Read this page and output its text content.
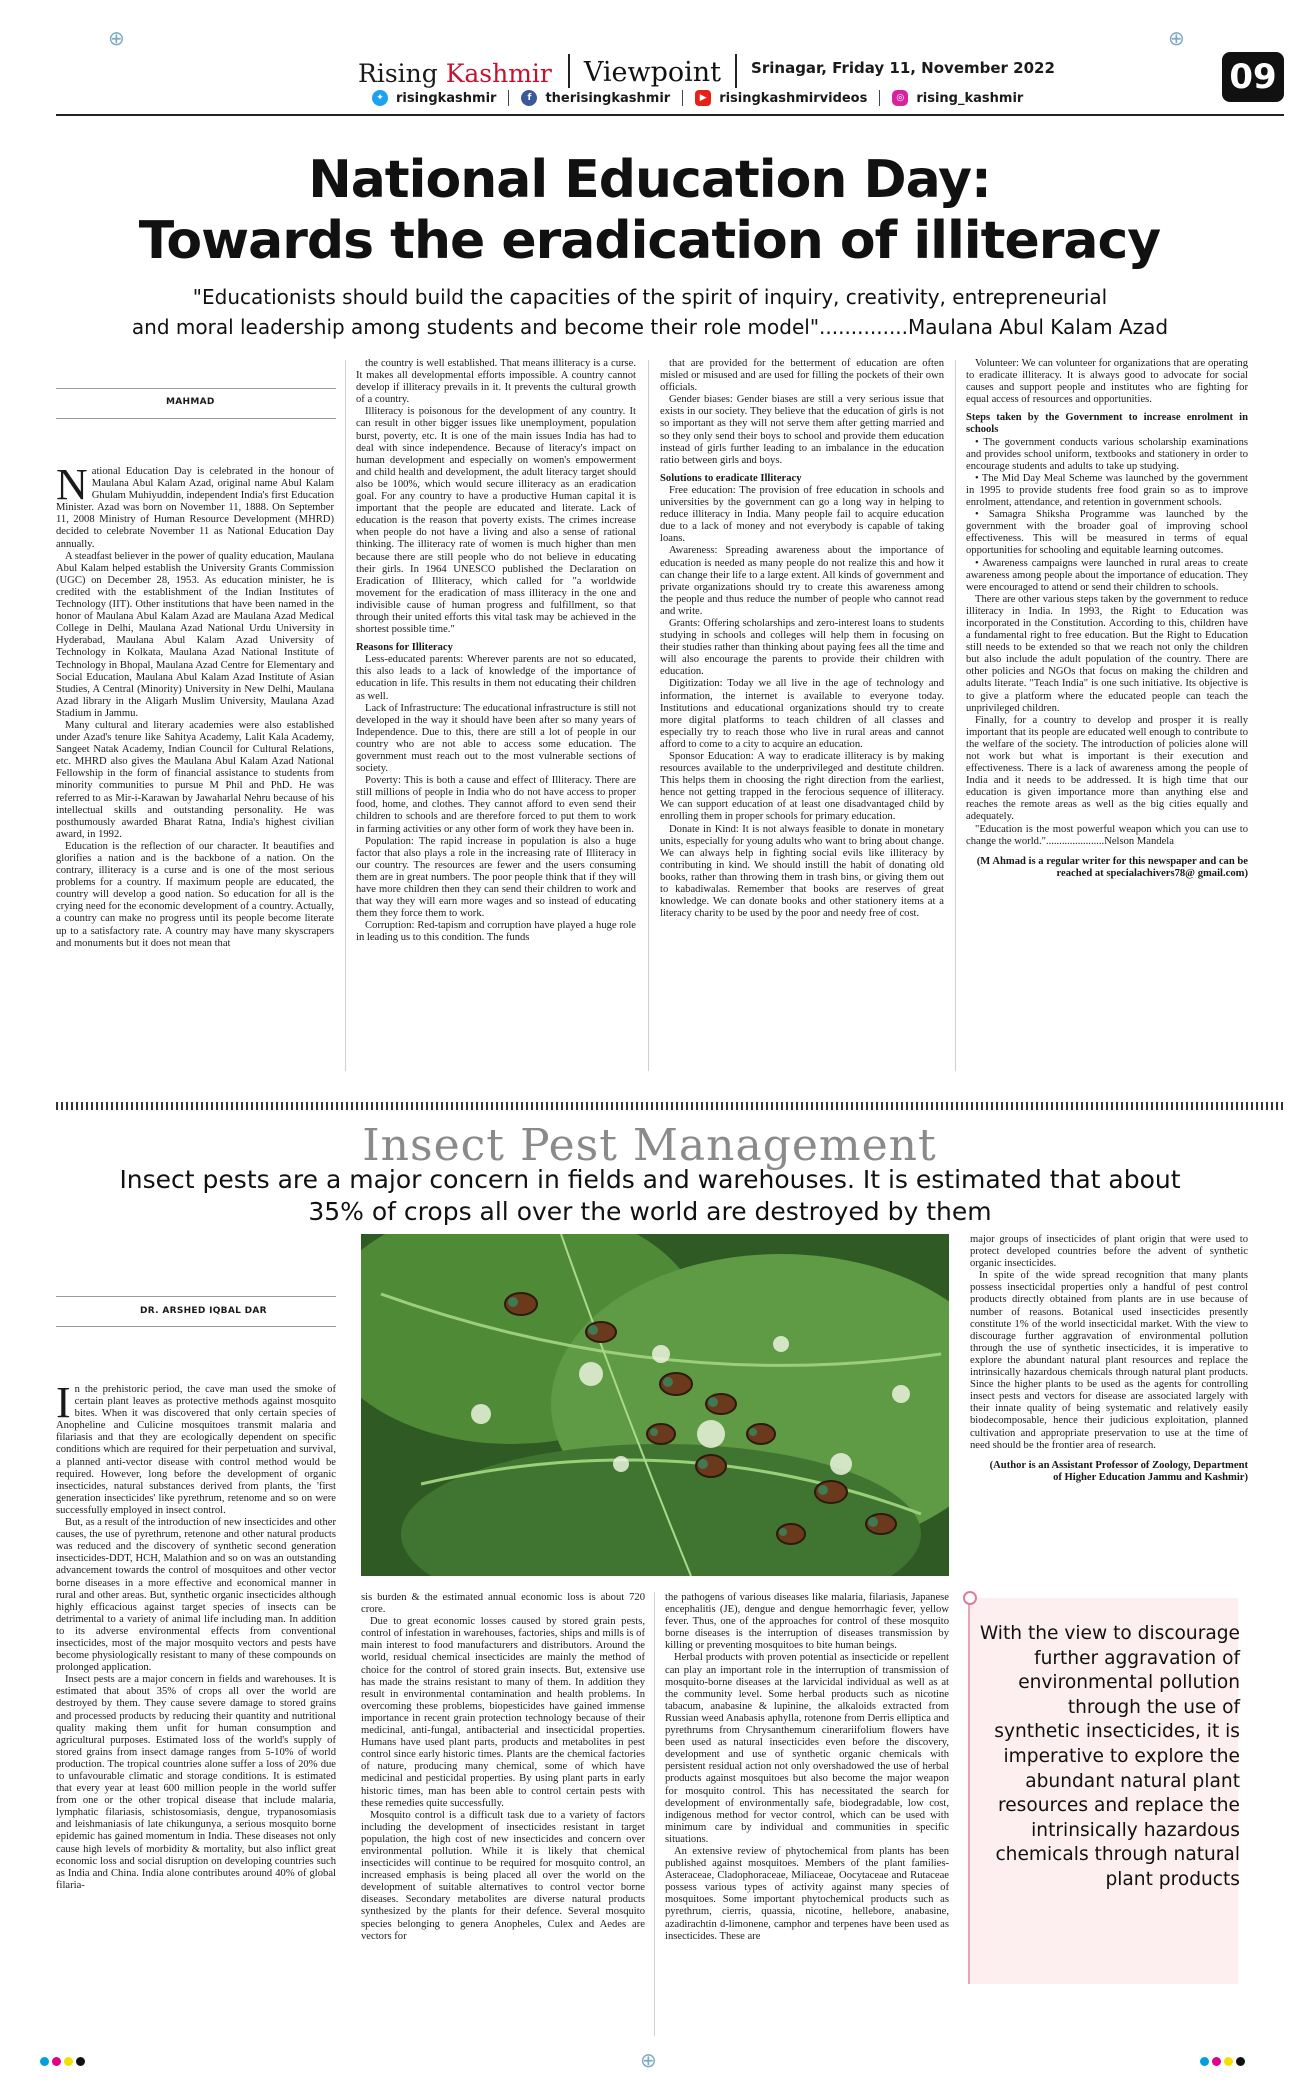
⊕	⊕
Rising Kashmir Viewpoint Srinagar, Friday 11, November 2022	09
✦ risingkashmir	f	therisingkashmir	▶ risingkashmirvideos	◎ rising_kashmir
National Education Day:
Towards the eradication of illiteracy
"Educationists should build the capacities of the spirit of inquiry, creativity, entrepreneurial
and moral leadership among students and become their role model"..............Maulana Abul Kalam Azad
MAHMAD

National Education Day is celebrated in the honour of Maulana Abul Kalam Azad, original name Abul Kalam Ghulam Muhiyuddin, independent India's first Education Minister. Azad was born on November 11, 1888. On September 11, 2008 Ministry of Human Resource Development (MHRD) decided to celebrate November 11 as National Education Day annually.

A steadfast believer in the power of quality education, Maulana Abul Kalam helped establish the University Grants Commission (UGC) on December 28, 1953. As education minister, he is credited with the establishment of the Indian Institutes of Technology (IIT). Other institutions that have been named in the honor of Maulana Abul Kalam Azad are Maulana Azad Medical College in Delhi, Maulana Azad National Urdu University in Hyderabad, Maulana Abul Kalam Azad University of Technology in Kolkata, Maulana Azad National Institute of Technology in Bhopal, Maulana Azad Centre for Elementary and Social Education, Maulana Abul Kalam Azad Institute of Asian Studies, A Central (Minority) University in New Delhi, Maulana Azad library in the Aligarh Muslim University, Maulana Azad Stadium in Jammu.

Many cultural and literary academies were also established under Azad's tenure like Sahitya Academy, Lalit Kala Academy, Sangeet Natak Academy, Indian Council for Cultural Relations, etc. MHRD also gives the Maulana Abul Kalam Azad National Fellowship in the form of financial assistance to students from minority communities to pursue M Phil and PhD. He was referred to as Mir-i-Karawan by Jawaharlal Nehru because of his intellectual skills and outstanding personality. He was posthumously awarded Bharat Ratna, India's highest civilian award, in 1992.

Education is the reflection of our character. It beautifies and glorifies a nation and is the backbone of a nation. On the contrary, illiteracy is a curse and is one of the most serious problems for a country. If maximum people are educated, the country will develop a good nation. So education for all is the crying need for the economic development of a country. Actually, a country can make no progress until its people become literate up to a satisfactory rate. A country may have many skyscrapers and monuments but it does not mean that

the country is well established. That means illiteracy is a curse. It makes all developmental efforts impossible. A country cannot develop if illiteracy prevails in it. It prevents the cultural growth of a country.

Illiteracy is poisonous for the development of any country. It can result in other bigger issues like unemployment, population burst, poverty, etc. It is one of the main issues India has had to deal with since independence. Because of literacy's impact on human development and especially on women's empowerment and child health and development, the adult literacy target should also be 100%, which would secure illiteracy as an eradication goal. For any country to have a productive Human capital it is important that the people are educated and literate. Lack of education is the reason that poverty exists. The crimes increase when people do not have a living and also a sense of rational thinking. The illiteracy rate of women is much higher than men because there are still people who do not believe in educating their girls. In 1964 UNESCO published the Declaration on Eradication of Illiteracy, which called for "a worldwide movement for the eradication of mass illiteracy in the one and indivisible cause of human progress and fulfillment, so that through their united efforts this vital task may be achieved in the shortest possible time."

Reasons for Illiteracy

Less-educated parents: Wherever parents are not so educated, this also leads to a lack of knowledge of the importance of education in life. This results in them not educating their children as well.

Lack of Infrastructure: The educational infrastructure is still not developed in the way it should have been after so many years of Independence. Due to this, there are still a lot of people in our country who are not able to access some education. The government must reach out to the most vulnerable sections of society.

Poverty: This is both a cause and effect of Illiteracy. There are still millions of people in India who do not have access to proper food, home, and clothes. They cannot afford to even send their children to schools and are therefore forced to put them to work in farming activities or any other form of work they have been in.

Population: The rapid increase in population is also a huge factor that also plays a role in the increasing rate of Illiteracy in our country. The resources are fewer and the users consuming them are in great numbers. The poor people think that if they will have more children then they can send their children to work and that way they will earn more wages and so instead of educating them they force them to work.

Corruption: Red-tapism and corruption have played a huge role in leading us to this condition. The funds

that are provided for the betterment of education are often misled or misused and are used for filling the pockets of their own officials.

Gender biases: Gender biases are still a very serious issue that exists in our society. They believe that the education of girls is not so important as they will not serve them after getting married and so they only send their boys to school and provide them education instead of girls further leading to an imbalance in the education ratio between girls and boys.

Solutions to eradicate Illiteracy

Free education: The provision of free education in schools and universities by the government can go a long way in helping to reduce illiteracy in India. Many people fail to acquire education due to a lack of money and not everybody is capable of taking loans.

Awareness: Spreading awareness about the importance of education is needed as many people do not realize this and how it can change their life to a large extent. All kinds of government and private organizations should try to create this awareness among the people and thus reduce the number of people who cannot read and write.

Grants: Offering scholarships and zero-interest loans to students studying in schools and colleges will help them in focusing on their studies rather than thinking about paying fees all the time and will also encourage the parents to provide their children with education.

Digitization: Today we all live in the age of technology and information, the internet is available to everyone today. Institutions and educational organizations should try to create more digital platforms to teach children of all classes and especially try to reach those who live in rural areas and cannot afford to come to a city to acquire an education.

Sponsor Education: A way to eradicate illiteracy is by making resources available to the underprivileged and destitute children. This helps them in choosing the right direction from the earliest, hence not getting trapped in the ferocious sequence of illiteracy. We can support education of at least one disadvantaged child by enrolling them in proper schools for primary education.

Donate in Kind: It is not always feasible to donate in monetary units, especially for young adults who want to bring about change. We can always help in fighting social evils like illiteracy by contributing in kind. We should instill the habit of donating old books, rather than throwing them in trash bins, or giving them out to kabadiwalas. Remember that books are reserves of great knowledge. We can donate books and other stationery items at a literacy charity to be used by the poor and needy free of cost.

Volunteer: We can volunteer for organizations that are operating to eradicate illiteracy. It is always good to advocate for social causes and support people and institutes who are fighting for equal access of resources and opportunities.

Steps taken by the Government to increase enrolment in schools

• The government conducts various scholarship examinations and provides school uniform, textbooks and stationery in order to encourage students and adults to take up studying.

• The Mid Day Meal Scheme was launched by the government in 1995 to provide students free food grain so as to improve enrolment, attendance, and retention in government schools.

• Samagra Shiksha Programme was launched by the government with the broader goal of improving school effectiveness. This will be measured in terms of equal opportunities for schooling and equitable learning outcomes.

• Awareness campaigns were launched in rural areas to create awareness among people about the importance of education. They were encouraged to attend or send their children to schools.

There are other various steps taken by the government to reduce illiteracy in India. In 1993, the Right to Education was incorporated in the Constitution. According to this, children have a fundamental right to free education. But the Right to Education still needs to be extended so that we reach not only the children but also include the adult population of the country. There are other policies and NGOs that focus on making the children and adults literate. "Teach India" is one such initiative. Its objective is to give a platform where the educated people can teach the unprivileged children.

Finally, for a country to develop and prosper it is really important that its people are educated well enough to contribute to the welfare of the society. The introduction of policies alone will not work but what is important is their execution and effectiveness. There is a lack of awareness among the people of India and it needs to be addressed. It is high time that our education is given importance more than anything else and reaches the remote areas as well as the big cities equally and adequately.

"Education is the most powerful weapon which you can use to change the world."......................Nelson Mandela

(M Ahmad is a regular writer for this newspaper and can be reached at specialachivers78@ gmail.com)

Insect Pest Management
Insect pests are a major concern in fields and warehouses. It is estimated that about
35% of crops all over the world are destroyed by them
DR. ARSHED IQBAL DAR

In the prehistoric period, the cave man used the smoke of certain plant leaves as protective methods against mosquito bites. When it was discovered that only certain species of Anopheline and Culicine mosquitoes transmit malaria and filariasis and that they are ecologically dependent on specific conditions which are required for their perpetuation and survival, a planned anti-vector disease with control method would be required. However, long before the development of organic insecticides, natural substances derived from plants, the 'first generation insecticides' like pyrethrum, retenome and so on were successfully employed in insect control.

But, as a result of the introduction of new insecticides and other causes, the use of pyrethrum, retenone and other natural products was reduced and the discovery of synthetic second generation insecticides-DDT, HCH, Malathion and so on was an outstanding advancement towards the control of mosquitoes and other vector borne diseases in a more effective and economical manner in rural and other areas. But, synthetic organic insecticides although highly efficacious against target species of insects can be detrimental to a variety of animal life including man. In addition to its adverse environmental effects from conventional insecticides, most of the major mosquito vectors and pests have become physiologically resistant to many of these compounds on prolonged application.

Insect pests are a major concern in fields and warehouses. It is estimated that about 35% of crops all over the world are destroyed by them. They cause severe damage to stored grains and processed products by reducing their quantity and nutritional quality making them unfit for human consumption and agricultural purposes. Estimated loss of the world's supply of stored grains from insect damage ranges from 5-10% of world production. The tropical countries alone suffer a loss of 20% due to unfavourable climatic and storage conditions. It is estimated that every year at least 600 million people in the world suffer from one or the other tropical disease that include malaria, lymphatic filariasis, schistosomiasis, dengue, trypanosomiasis and leishmaniasis of late chikungunya, a serious mosquito borne epidemic has gained momentum in India. These diseases not only cause high levels of morbidity & mortality, but also inflict great economic loss and social disruption on developing countries such as India and China. India alone contributes around 40% of global filaria-

sis burden & the estimated annual economic loss is about 720 crore.

Due to great economic losses caused by stored grain pests, control of infestation in warehouses, factories, ships and mills is of main interest to food manufacturers and distributors. Around the world, residual chemical insecticides are mainly the method of choice for the control of stored grain insects. But, extensive use has made the strains resistant to many of them. In addition they result in environmental contamination and health problems. In overcoming these problems, biopesticides have gained immense importance in recent grain protection technology because of their medicinal, anti-fungal, antibacterial and insecticidal properties. Humans have used plant parts, products and metabolites in pest control since early historic times. Plants are the chemical factories of nature, producing many chemical, some of which have medicinal and pesticidal properties. By using plant parts in early historic times, man has been able to control certain pests with these remedies quite successfully.

Mosquito control is a difficult task due to a variety of factors including the development of insecticides resistant in target population, the high cost of new insecticides and concern over environmental pollution. While it is likely that chemical insecticides will continue to be required for mosquito control, an increased emphasis is being placed all over the world on the development of suitable alternatives to control vector borne diseases. Secondary metabolites are diverse natural products synthesized by the plants for their defence. Several mosquito species belonging to genera Anopheles, Culex and Aedes are vectors for

the pathogens of various diseases like malaria, filariasis, Japanese encephalitis (JE), dengue and dengue hemorrhagic fever, yellow fever. Thus, one of the approaches for control of these mosquito borne diseases is the interruption of diseases transmission by killing or preventing mosquitoes to bite human beings.

Herbal products with proven potential as insecticide or repellent can play an important role in the interruption of transmission of mosquito-borne diseases at the larvicidal individual as well as at the community level. Some herbal products such as nicotine tabacum, anabasine & lupinine, the alkaloids extracted from Russian weed Anabasis aphylla, rotenone from Derris elliptica and pyrethrums from Chrysanthemum cinerariifolium flowers have been used as natural insecticides even before the discovery, development and use of synthetic organic chemicals with persistent residual action not only overshadowed the use of herbal products against mosquitoes but also become the major weapon for mosquito control. This has necessitated the search for development of environmentally safe, biodegradable, low cost, indigenous method for vector control, which can be used with minimum care by individual and communities in specific situations.

An extensive review of phytochemical from plants has been published against mosquitoes. Members of the plant families- Asteraceae, Cladophoraceae, Miliaceae, Oocytaceae and Rutaceae possess various types of activity against many species of mosquitoes. Some important phytochemical products such as pyrethrum, cierris, quassia, nicotine, hellebore, anabasine, azadirachtin d-limonene, camphor and terpenes have been used as insecticides. These are

major groups of insecticides of plant origin that were used to protect developed countries before the advent of synthetic organic insecticides.

In spite of the wide spread recognition that many plants possess insecticidal properties only a handful of pest control products directly obtained from plants are in use because of number of reasons. Botanical used insecticides presently constitute 1% of the world insecticidal market. With the view to discourage further aggravation of environmental pollution through the use of synthetic insecticides, it is imperative to explore the abundant natural plant resources and replace the intrinsically hazardous chemicals through natural plant products. Since the higher plants to be used as the agents for controlling insect pests and vectors for disease are associated largely with their innate quality of being systematic and relatively easily biodecomposable, hence their judicious exploitation, planned cultivation and appropriate preservation to use at the time of need should be the frontier area of research.

(Author is an Assistant Professor of Zoology, Department of Higher Education Jammu and Kashmir)

With the view to discourage further aggravation of environmental pollution through the use of synthetic insecticides, it is imperative to explore the abundant natural plant resources and replace the intrinsically hazardous chemicals through natural plant products
⊕
